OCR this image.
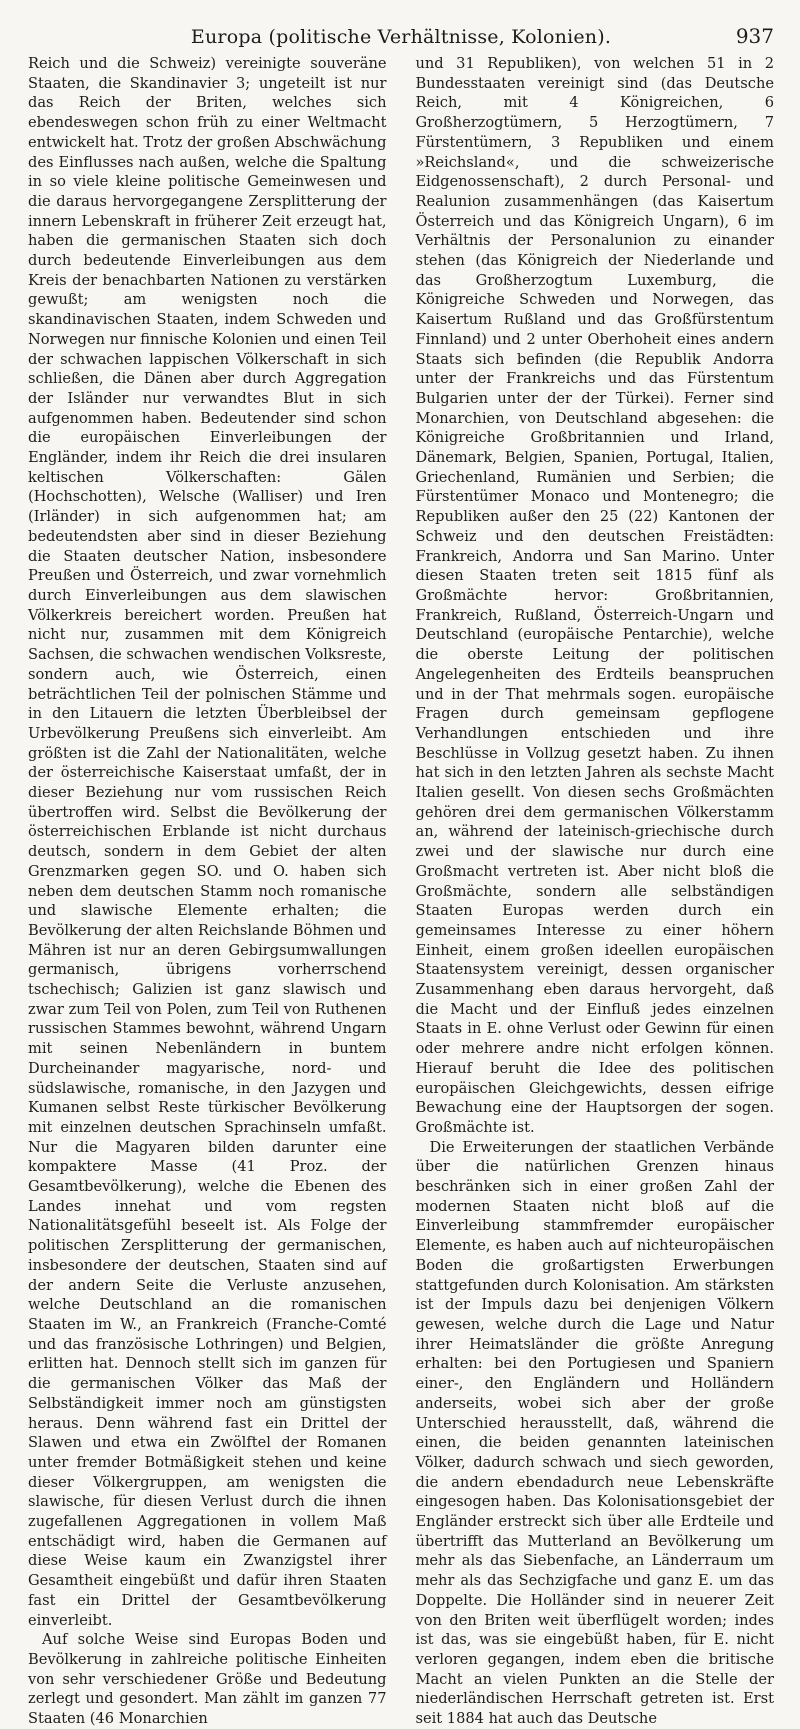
Europa (politische Verhältnisse, Kolonien).	937

Reich und die Schweiz) vereinigte souveräne Staaten, die Skandinavier 3; ungeteilt ist nur das Reich der Briten, welches sich ebendeswegen schon früh zu einer Weltmacht entwickelt hat. Trotz der großen Abschwächung des Einflusses nach außen, welche die Spaltung in so viele kleine politische Gemeinwesen und die daraus hervorgegangene Zersplitterung der innern Lebenskraft in früherer Zeit erzeugt hat, haben die germanischen Staaten sich doch durch bedeutende Einverleibungen aus dem Kreis der benachbarten Nationen zu verstärken gewußt; am wenigsten noch die skandinavischen Staaten, indem Schweden und Norwegen nur finnische Kolonien und einen Teil der schwachen lappischen Völkerschaft in sich schließen, die Dänen aber durch Aggregation der Isländer nur verwandtes Blut in sich aufgenommen haben. Bedeutender sind schon die europäischen Einverleibungen der Engländer, indem ihr Reich die drei insularen keltischen Völkerschaften: Gälen (Hochschotten), Welsche (Walliser) und Iren (Irländer) in sich aufgenommen hat; am bedeutendsten aber sind in dieser Beziehung die Staaten deutscher Nation, insbesondere Preußen und Österreich, und zwar vornehmlich durch Einverleibungen aus dem slawischen Völkerkreis bereichert worden. Preußen hat nicht nur, zusammen mit dem Königreich Sachsen, die schwachen wendischen Volksreste, sondern auch, wie Österreich, einen beträchtlichen Teil der polnischen Stämme und in den Litauern die letzten Überbleibsel der Urbevölkerung Preußens sich einverleibt. Am größten ist die Zahl der Nationalitäten, welche der österreichische Kaiserstaat umfaßt, der in dieser Beziehung nur vom russischen Reich übertroffen wird. Selbst die Bevölkerung der österreichischen Erblande ist nicht durchaus deutsch, sondern in dem Gebiet der alten Grenzmarken gegen SO. und O. haben sich neben dem deutschen Stamm noch romanische und slawische Elemente erhalten; die Bevölkerung der alten Reichslande Böhmen und Mähren ist nur an deren Gebirgsumwallungen germanisch, übrigens vorherrschend tschechisch; Galizien ist ganz slawisch und zwar zum Teil von Polen, zum Teil von Ruthenen russischen Stammes bewohnt, während Ungarn mit seinen Nebenländern in buntem Durcheinander magyarische, nord- und südslawische, romanische, in den Jazygen und Kumanen selbst Reste türkischer Bevölkerung mit einzelnen deutschen Sprachinseln umfaßt. Nur die Magyaren bilden darunter eine kompaktere Masse (41 Proz. der Gesamtbevölkerung), welche die Ebenen des Landes innehat und vom regsten Nationalitätsgefühl beseelt ist. Als Folge der politischen Zersplitterung der germanischen, insbesondere der deutschen, Staaten sind auf der andern Seite die Verluste anzusehen, welche Deutschland an die romanischen Staaten im W., an Frankreich (Franche-Comté und das französische Lothringen) und Belgien, erlitten hat. Dennoch stellt sich im ganzen für die germanischen Völker das Maß der Selbständigkeit immer noch am günstigsten heraus. Denn während fast ein Drittel der Slawen und etwa ein Zwölftel der Romanen unter fremder Botmäßigkeit stehen und keine dieser Völkergruppen, am wenigsten die slawische, für diesen Verlust durch die ihnen zugefallenen Aggregationen in vollem Maß entschädigt wird, haben die Germanen auf diese Weise kaum ein Zwanzigstel ihrer Gesamtheit eingebüßt und dafür ihren Staaten fast ein Drittel der Gesamtbevölkerung einverleibt.

Auf solche Weise sind Europas Boden und Bevölkerung in zahlreiche politische Einheiten von sehr verschiedener Größe und Bedeutung zerlegt und gesondert. Man zählt im ganzen 77 Staaten (46 Monarchien

und 31 Republiken), von welchen 51 in 2 Bundesstaaten vereinigt sind (das Deutsche Reich, mit 4 Königreichen, 6 Großherzogtümern, 5 Herzogtümern, 7 Fürstentümern, 3 Republiken und einem »Reichsland«, und die schweizerische Eidgenossenschaft), 2 durch Personal- und Realunion zusammenhängen (das Kaisertum Österreich und das Königreich Ungarn), 6 im Verhältnis der Personalunion zu einander stehen (das Königreich der Niederlande und das Großherzogtum Luxemburg, die Königreiche Schweden und Norwegen, das Kaisertum Rußland und das Großfürstentum Finnland) und 2 unter Oberhoheit eines andern Staats sich befinden (die Republik Andorra unter der Frankreichs und das Fürstentum Bulgarien unter der der Türkei). Ferner sind Monarchien, von Deutschland abgesehen: die Königreiche Großbritannien und Irland, Dänemark, Belgien, Spanien, Portugal, Italien, Griechenland, Rumänien und Serbien; die Fürstentümer Monaco und Montenegro; die Republiken außer den 25 (22) Kantonen der Schweiz und den deutschen Freistädten: Frankreich, Andorra und San Marino. Unter diesen Staaten treten seit 1815 fünf als Großmächte hervor: Großbritannien, Frankreich, Rußland, Österreich-Ungarn und Deutschland (europäische Pentarchie), welche die oberste Leitung der politischen Angelegenheiten des Erdteils beanspruchen und in der That mehrmals sogen. europäische Fragen durch gemeinsam gepflogene Verhandlungen entschieden und ihre Beschlüsse in Vollzug gesetzt haben. Zu ihnen hat sich in den letzten Jahren als sechste Macht Italien gesellt. Von diesen sechs Großmächten gehören drei dem germanischen Völkerstamm an, während der lateinisch-griechische durch zwei und der slawische nur durch eine Großmacht vertreten ist. Aber nicht bloß die Großmächte, sondern alle selbständigen Staaten Europas werden durch ein gemeinsames Interesse zu einer höhern Einheit, einem großen ideellen europäischen Staatensystem vereinigt, dessen organischer Zusammenhang eben daraus hervorgeht, daß die Macht und der Einfluß jedes einzelnen Staats in E. ohne Verlust oder Gewinn für einen oder mehrere andre nicht erfolgen können. Hierauf beruht die Idee des politischen europäischen Gleichgewichts, dessen eifrige Bewachung eine der Hauptsorgen der sogen. Großmächte ist.

Die Erweiterungen der staatlichen Verbände über die natürlichen Grenzen hinaus beschränken sich in einer großen Zahl der modernen Staaten nicht bloß auf die Einverleibung stammfremder europäischer Elemente, es haben auch auf nichteuropäischen Boden die großartigsten Erwerbungen stattgefunden durch Kolonisation. Am stärksten ist der Impuls dazu bei denjenigen Völkern gewesen, welche durch die Lage und Natur ihrer Heimatsländer die größte Anregung erhalten: bei den Portugiesen und Spaniern einer-, den Engländern und Holländern anderseits, wobei sich aber der große Unterschied herausstellt, daß, während die einen, die beiden genannten lateinischen Völker, dadurch schwach und siech geworden, die andern ebendadurch neue Lebenskräfte eingesogen haben. Das Kolonisationsgebiet der Engländer erstreckt sich über alle Erdteile und übertrifft das Mutterland an Bevölkerung um mehr als das Siebenfache, an Länderraum um mehr als das Sechzigfache und ganz E. um das Doppelte. Die Holländer sind in neuerer Zeit von den Briten weit überflügelt worden; indes ist das, was sie eingebüßt haben, für E. nicht verloren gegangen, indem eben die britische Macht an vielen Punkten an die Stelle der niederländischen Herrschaft getreten ist. Erst seit 1884 hat auch das Deutsche
